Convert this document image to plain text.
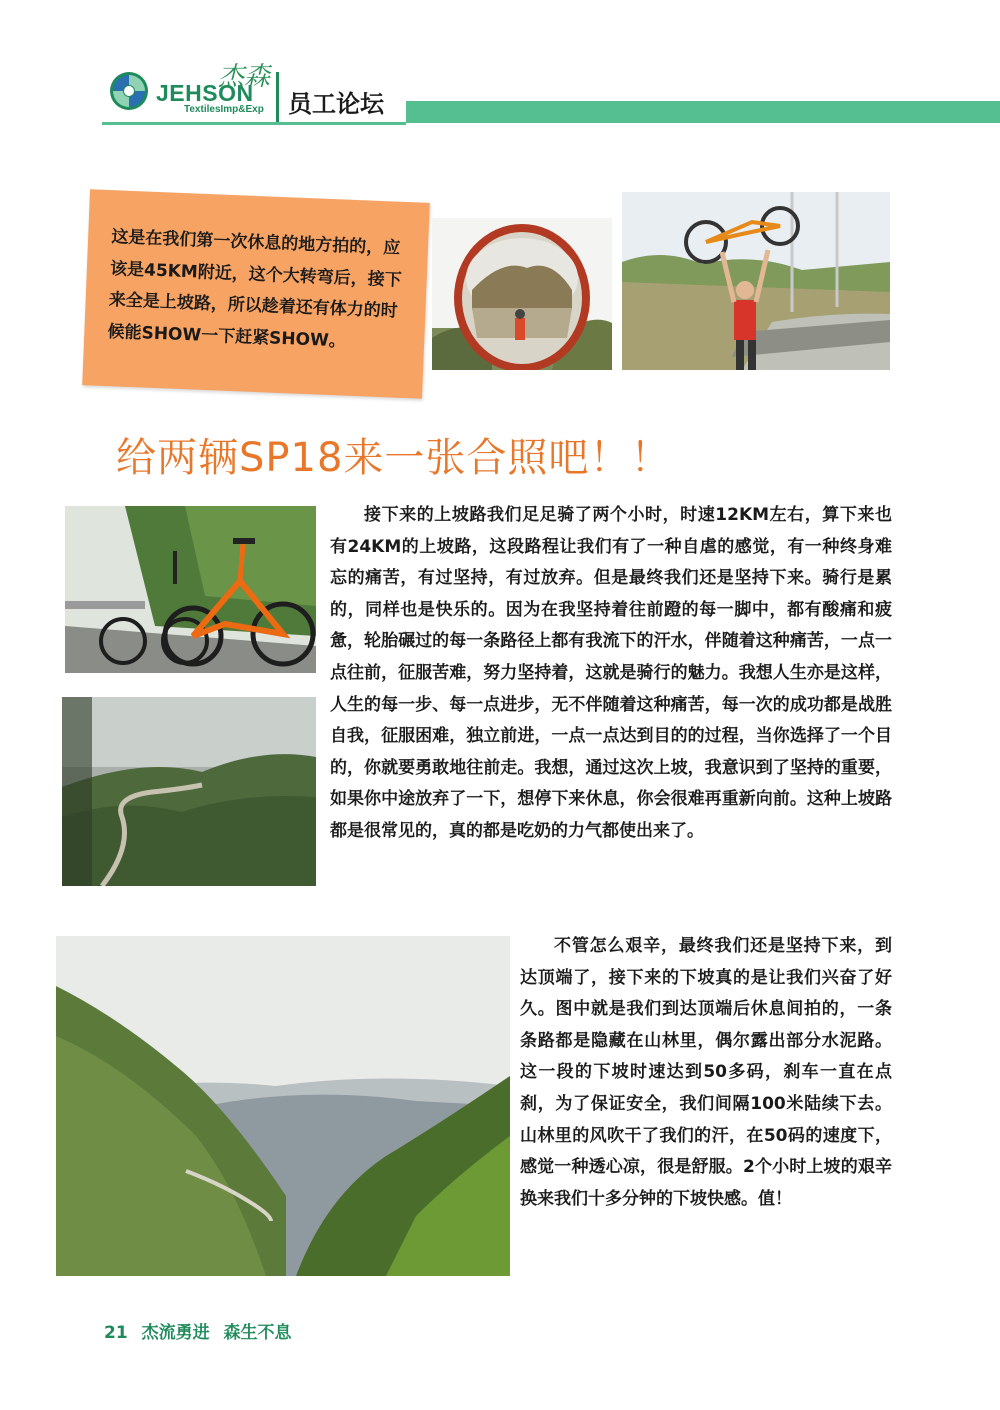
JEHSON
杰森
TextilesImp&Exp 员工论坛
这是在我们第一次休息的地方拍的，应该是45KM附近，这个大转弯后，接下来全是上坡路，所以趁着还有体力的时候能SHOW一下赶紧SHOW。
给两辆SP18来一张合照吧！！
接下来的上坡路我们足足骑了两个小时，时速12KM左右，算下来也有24KM的上坡路，这段路程让我们有了一种自虐的感觉，有一种终身难忘的痛苦，有过坚持，有过放弃。但是最终我们还是坚持下来。骑行是累的，同样也是快乐的。因为在我坚持着往前蹬的每一脚中，都有酸痛和疲惫，轮胎碾过的每一条路径上都有我流下的汗水，伴随着这种痛苦，一点一点往前，征服苦难，努力坚持着，这就是骑行的魅力。我想人生亦是这样，人生的每一步、每一点进步，无不伴随着这种痛苦，每一次的成功都是战胜自我，征服困难，独立前进，一点一点达到目的的过程，当你选择了一个目的，你就要勇敢地往前走。我想，通过这次上坡，我意识到了坚持的重要，如果你中途放弃了一下，想停下来休息，你会很难再重新向前。这种上坡路都是很常见的，真的都是吃奶的力气都使出来了。
不管怎么艰辛，最终我们还是坚持下来，到达顶端了，接下来的下坡真的是让我们兴奋了好久。图中就是我们到达顶端后休息间拍的，一条条路都是隐藏在山林里，偶尔露出部分水泥路。这一段的下坡时速达到50多码，刹车一直在点刹，为了保证安全，我们间隔100米陆续下去。山林里的风吹干了我们的汗，在50码的速度下，感觉一种透心凉，很是舒服。2个小时上坡的艰辛换来我们十多分钟的下坡快感。值！
21 杰流勇进 森生不息
